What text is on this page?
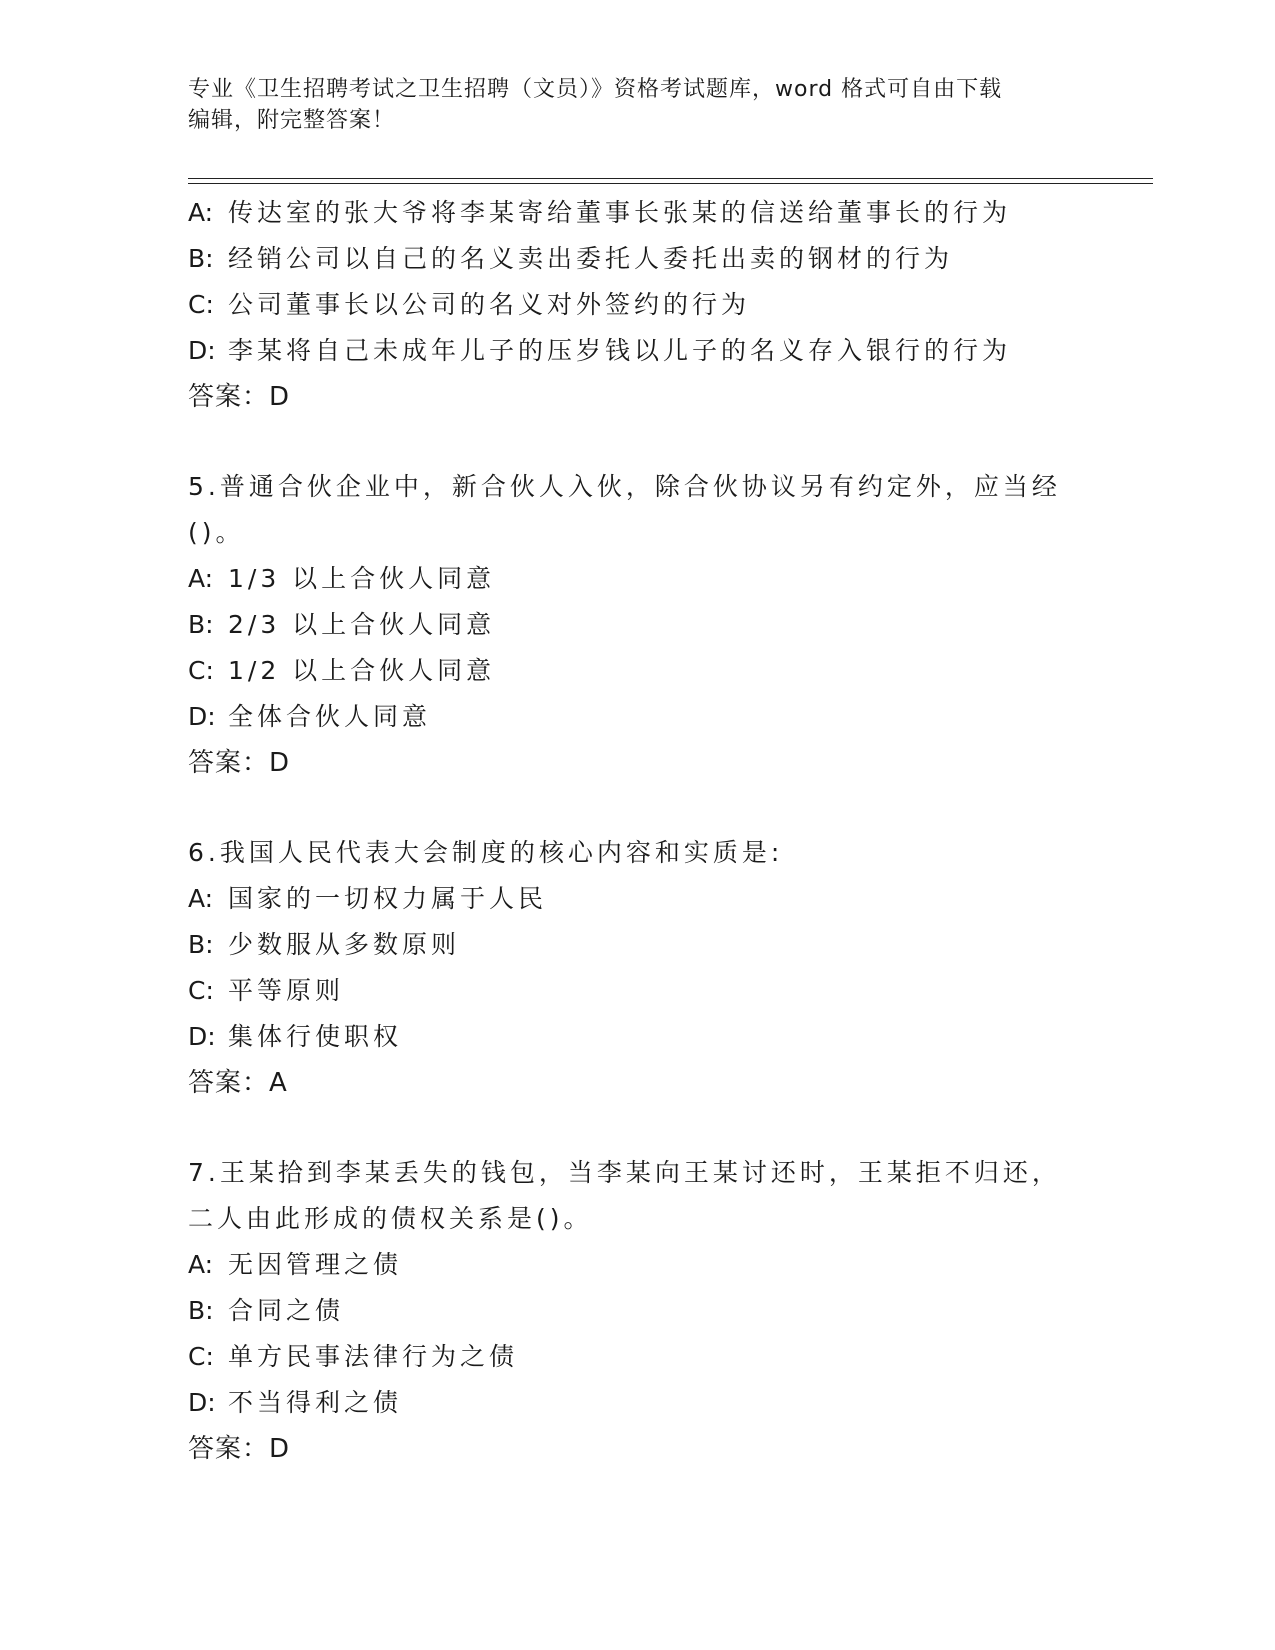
专业《卫生招聘考试之卫生招聘（文员）》资格考试题库，word 格式可自由下载
编辑，附完整答案！
A: 传达室的张大爷将李某寄给董事长张某的信送给董事长的行为
B: 经销公司以自己的名义卖出委托人委托出卖的钢材的行为
C: 公司董事长以公司的名义对外签约的行为
D: 李某将自己未成年儿子的压岁钱以儿子的名义存入银行的行为
答案：D
5.普通合伙企业中，新合伙人入伙，除合伙协议另有约定外，应当经
()。
A: 1/3 以上合伙人同意
B: 2/3 以上合伙人同意
C: 1/2 以上合伙人同意
D: 全体合伙人同意
答案：D
6.我国人民代表大会制度的核心内容和实质是:
A: 国家的一切权力属于人民
B: 少数服从多数原则
C: 平等原则
D: 集体行使职权
答案：A
7.王某拾到李某丢失的钱包，当李某向王某讨还时，王某拒不归还，
二人由此形成的债权关系是()。
A: 无因管理之债
B: 合同之债
C: 单方民事法律行为之债
D: 不当得利之债
答案：D
